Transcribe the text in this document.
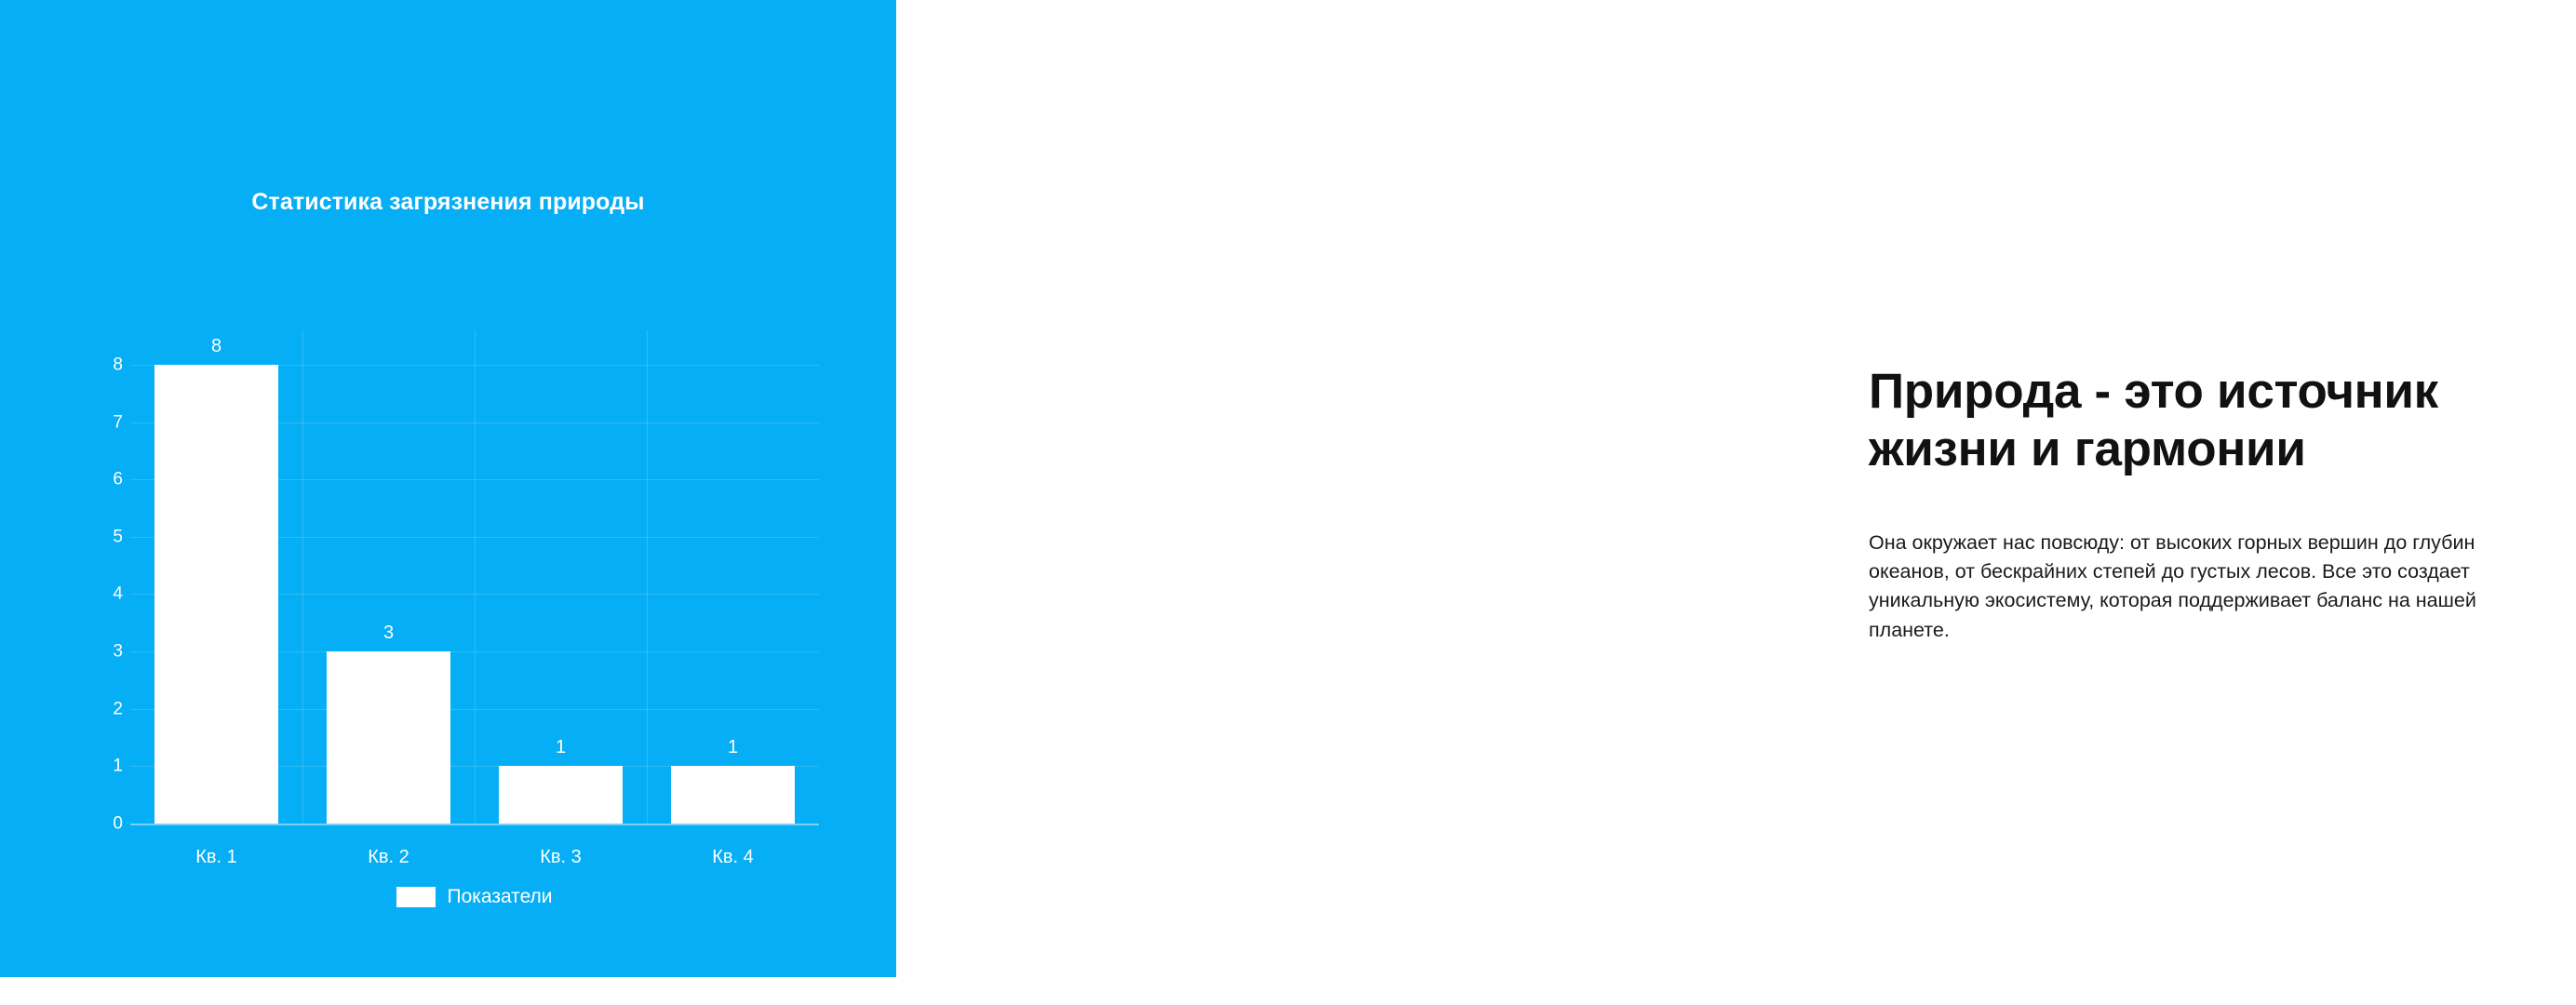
Статистика загрязнения природы
0
1
2
3
4
5
6
7
8
8
3
1	1
Кв. 1	Кв. 2	Кв. 3	Кв. 4
Показатели
Природа - это источник жизни и гармонии
Она окружает нас повсюду: от высоких горных вершин до глубин океанов, от бескрайних степей до густых лесов. Все это создает уникальную экосистему, которая поддерживает баланс на нашей планете.
